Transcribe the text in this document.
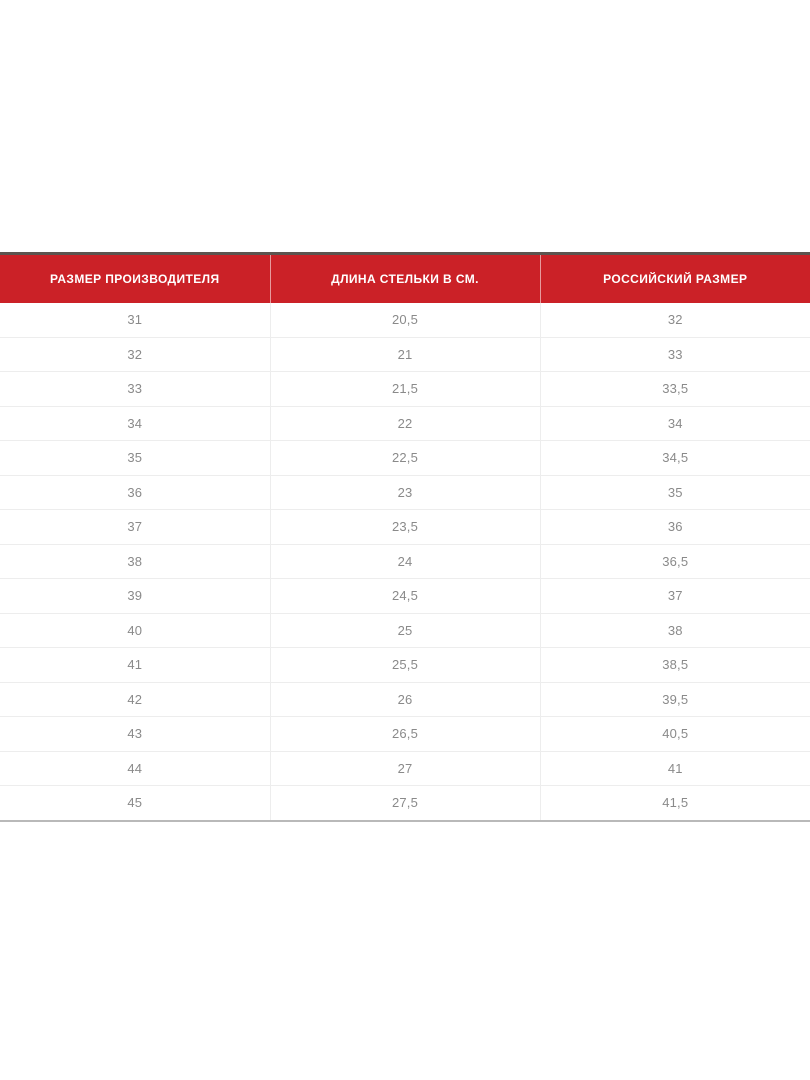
РАЗМЕР ПРОИЗВОДИТЕЛЯ	ДЛИНА СТЕЛЬКИ В СМ.	РОССИЙСКИЙ РАЗМЕР
31	20,5	32
32	21	33
33	21,5	33,5
34	22	34
35	22,5	34,5
36	23	35
37	23,5	36
38	24	36,5
39	24,5	37
40	25	38
41	25,5	38,5
42	26	39,5
43	26,5	40,5
44	27	41
45	27,5	41,5
